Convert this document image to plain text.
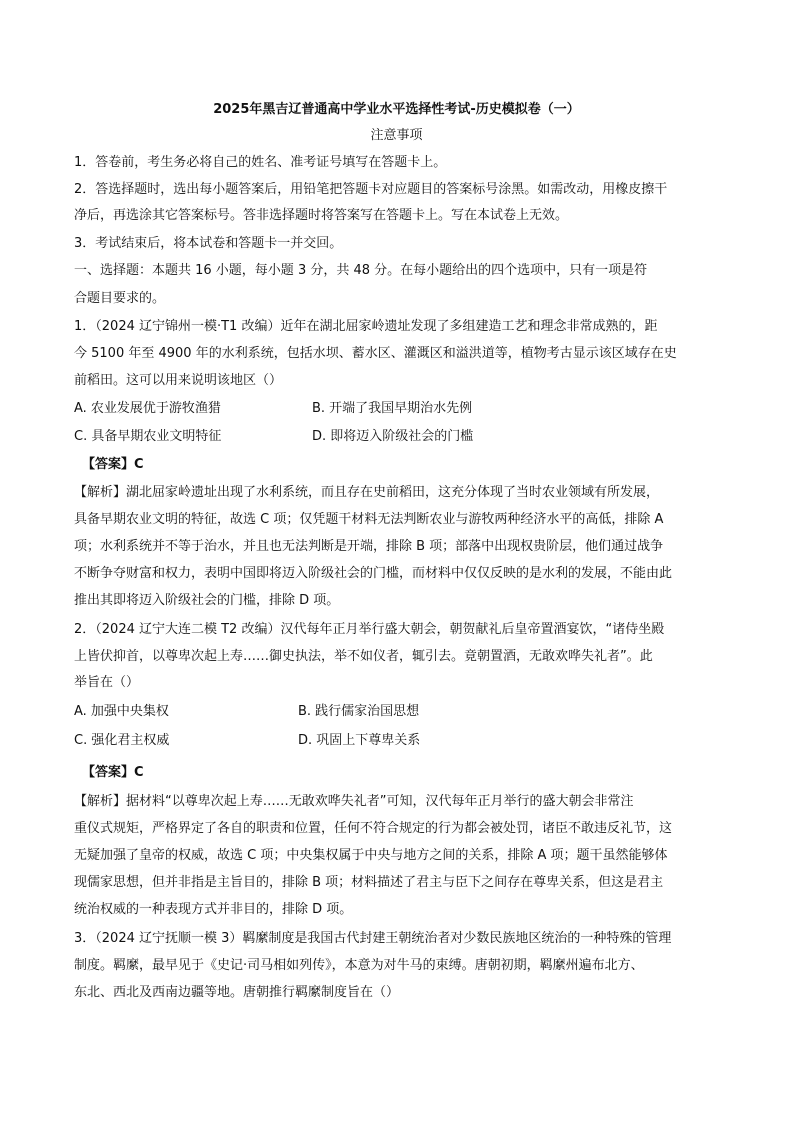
2025年黑吉辽普通高中学业水平选择性考试-历史模拟卷（一）
注意事项
1．答卷前，考生务必将自己的姓名、准考证号填写在答题卡上。
2．答选择题时，选出每小题答案后，用铅笔把答题卡对应题目的答案标号涂黑。如需改动，用橡皮擦干
净后，再选涂其它答案标号。答非选择题时将答案写在答题卡上。写在本试卷上无效。
3．考试结束后，将本试卷和答题卡一并交回。
一、选择题：本题共 16 小题，每小题 3 分，共 48 分。在每小题给出的四个选项中，只有一项是符
合题目要求的。
1．（2024 辽宁锦州一模·T1 改编）近年在湖北屈家岭遗址发现了多组建造工艺和理念非常成熟的，距
今 5100 年至 4900 年的水利系统，包括水坝、蓄水区、灌溉区和溢洪道等，植物考古显示该区域存在史
前稻田。这可以用来说明该地区（）
A. 农业发展优于游牧渔猎	B. 开端了我国早期治水先例
C. 具备早期农业文明特征	D. 即将迈入阶级社会的门槛
【答案】C
【解析】湖北屈家岭遗址出现了水利系统，而且存在史前稻田，这充分体现了当时农业领域有所发展，
具备早期农业文明的特征，故选 C 项；仅凭题干材料无法判断农业与游牧两种经济水平的高低，排除 A
项；水利系统并不等于治水，并且也无法判断是开端，排除 B 项；部落中出现权贵阶层，他们通过战争
不断争夺财富和权力，表明中国即将迈入阶级社会的门槛，而材料中仅仅反映的是水利的发展，不能由此
推出其即将迈入阶级社会的门槛，排除 D 项。
2．（2024 辽宁大连二模 T2 改编）汉代每年正月举行盛大朝会，朝贺献礼后皇帝置酒宴饮，“诸侍坐殿
上皆伏抑首，以尊卑次起上寿……御史执法，举不如仪者，辄引去。竟朝置酒，无敢欢哗失礼者”。此
举旨在（）
A. 加强中央集权	B. 践行儒家治国思想
C. 强化君主权威	D. 巩固上下尊卑关系
【答案】C
【解析】据材料“以尊卑次起上寿……无敢欢哗失礼者”可知，汉代每年正月举行的盛大朝会非常注
重仪式规矩，严格界定了各自的职责和位置，任何不符合规定的行为都会被处罚，诸臣不敢违反礼节，这
无疑加强了皇帝的权威，故选 C 项；中央集权属于中央与地方之间的关系，排除 A 项；题干虽然能够体
现儒家思想，但并非指是主旨目的，排除 B 项；材料描述了君主与臣下之间存在尊卑关系，但这是君主
统治权威的一种表现方式并非目的，排除 D 项。
3．（2024 辽宁抚顺一模 3）羁縻制度是我国古代封建王朝统治者对少数民族地区统治的一种特殊的管理
制度。羁縻，最早见于《史记·司马相如列传》，本意为对牛马的束缚。唐朝初期，羁縻州遍布北方、
东北、西北及西南边疆等地。唐朝推行羁縻制度旨在（）
